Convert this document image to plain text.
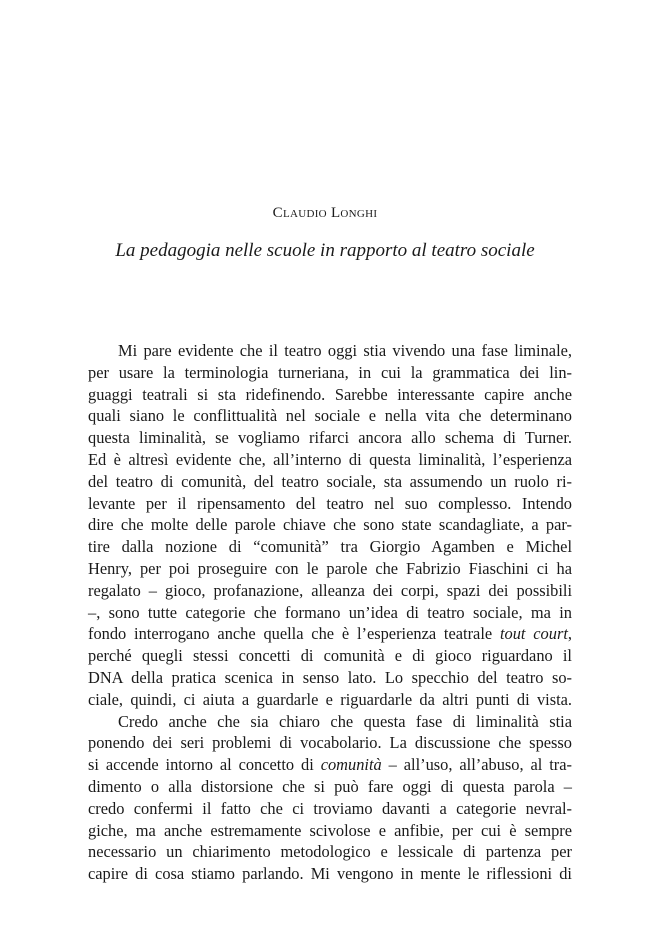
Claudio Longhi
La pedagogia nelle scuole in rapporto al teatro sociale
Mi pare evidente che il teatro oggi stia vivendo una fase liminale,
per usare la terminologia turneriana, in cui la grammatica dei lin-
guaggi teatrali si sta ridefinendo. Sarebbe interessante capire anche
quali siano le conflittualità nel sociale e nella vita che determinano
questa liminalità, se vogliamo rifarci ancora allo schema di Turner.
Ed è altresì evidente che, all’interno di questa liminalità, l’esperienza
del teatro di comunità, del teatro sociale, sta assumendo un ruolo ri-
levante per il ripensamento del teatro nel suo complesso. Intendo
dire che molte delle parole chiave che sono state scandagliate, a par-
tire dalla nozione di “comunità” tra Giorgio Agamben e Michel
Henry, per poi proseguire con le parole che Fabrizio Fiaschini ci ha
regalato – gioco, profanazione, alleanza dei corpi, spazi dei possibili
–, sono tutte categorie che formano un’idea di teatro sociale, ma in
fondo interrogano anche quella che è l’esperienza teatrale tout court,
perché quegli stessi concetti di comunità e di gioco riguardano il
DNA della pratica scenica in senso lato. Lo specchio del teatro so-
ciale, quindi, ci aiuta a guardarle e riguardarle da altri punti di vista.
Credo anche che sia chiaro che questa fase di liminalità stia
ponendo dei seri problemi di vocabolario. La discussione che spesso
si accende intorno al concetto di comunità – all’uso, all’abuso, al tra-
dimento o alla distorsione che si può fare oggi di questa parola –
credo confermi il fatto che ci troviamo davanti a categorie nevral-
giche, ma anche estremamente scivolose e anfibie, per cui è sempre
necessario un chiarimento metodologico e lessicale di partenza per
capire di cosa stiamo parlando. Mi vengono in mente le riflessioni di
